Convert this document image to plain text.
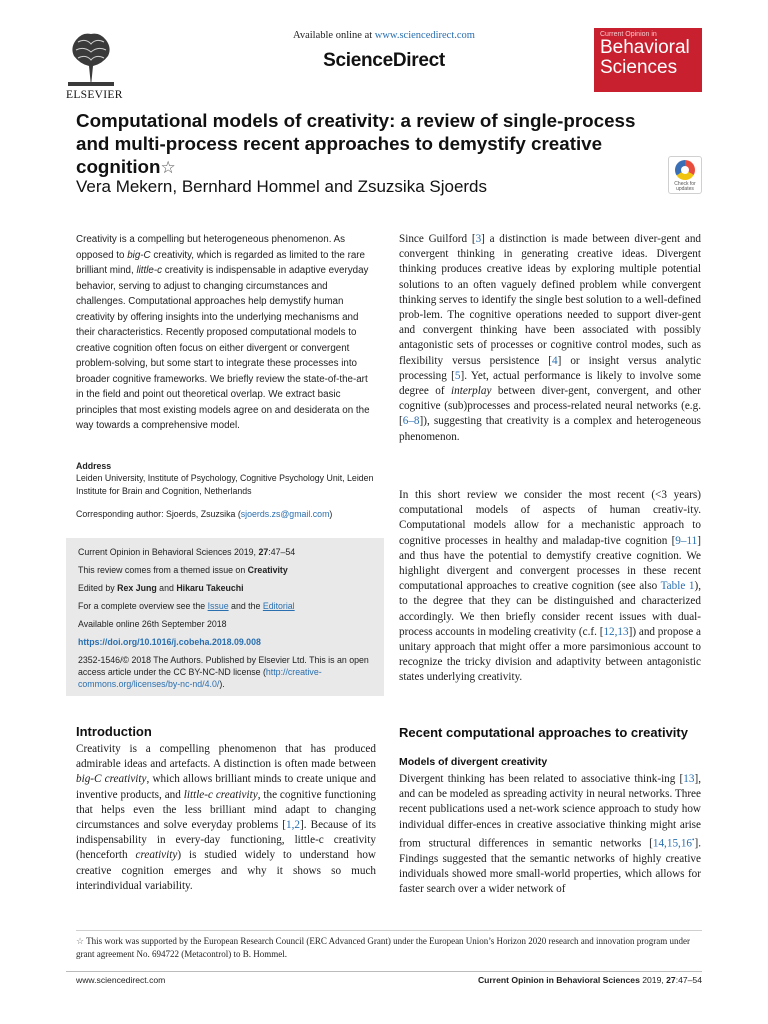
ELSEVIER
Available online at www.sciencedirect.com
ScienceDirect
Current Opinion in
Behavioral
Sciences
Computational models of creativity: a review of single-process and multi-process recent approaches to demystify creative cognition☆
Vera Mekern, Bernhard Hommel and Zsuzsika Sjoerds	Check for updates
Creativity is a compelling but heterogeneous phenomenon. As opposed to big-C creativity, which is regarded as limited to the rare brilliant mind, little-c creativity is indispensable in adaptive everyday behavior, serving to adjust to changing circumstances and challenges. Computational approaches help demystify human creativity by offering insights into the underlying mechanisms and their characteristics. Recently proposed computational models to creative cognition often focus on either divergent or convergent problem-solving, but some start to integrate these processes into broader cognitive frameworks. We briefly review the state-of-the-art in the field and point out theoretical overlap. We extract basic principles that most existing models agree on and desiderata on the way towards a comprehensive model.
Address
Leiden University, Institute of Psychology, Cognitive Psychology Unit, Leiden Institute for Brain and Cognition, Netherlands
Corresponding author: Sjoerds, Zsuzsika (sjoerds.zs@gmail.com)

Current Opinion in Behavioral Sciences 2019, 27:47–54

This review comes from a themed issue on Creativity

Edited by Rex Jung and Hikaru Takeuchi

For a complete overview see the Issue and the Editorial

Available online 26th September 2018

https://doi.org/10.1016/j.cobeha.2018.09.008

2352-1546/© 2018 The Authors. Published by Elsevier Ltd. This is an open access article under the CC BY-NC-ND license (http://creative-commons.org/licenses/by-nc-nd/4.0/).

Introduction
Creativity is a compelling phenomenon that has produced admirable ideas and artefacts. A distinction is often made between big-C creativity, which allows brilliant minds to create unique and inventive products, and little-c creativity, the cognitive functioning that helps even the less brilliant mind adapt to changing circumstances and solve everyday problems [1,2]. Because of its indispensability in every-day functioning, little-c creativity (henceforth creativity) is studied widely to understand how creative cognition emerges and why it shows so much interindividual variability.
Since Guilford [3] a distinction is made between diver-gent and convergent thinking in generating creative ideas. Divergent thinking produces creative ideas by exploring multiple potential solutions to an often vaguely defined problem while convergent thinking serves to identify the single best solution to a well-defined prob-lem. The cognitive operations needed to support diver-gent and convergent thinking have been associated with possibly antagonistic sets of processes or cognitive control modes, such as flexibility versus persistence [4] or insight versus analytic processing [5]. Yet, actual performance is likely to involve some degree of interplay between diver-gent, convergent, and other cognitive (sub)processes and process-related neural networks (e.g. [6–8]), suggesting that creativity is a complex and heterogeneous phenomenon.
In this short review we consider the most recent (<3 years) computational models of aspects of human creativ-ity. Computational models allow for a mechanistic approach to cognitive processes in healthy and maladap-tive cognition [9–11] and thus have the potential to demystify creative cognition. We highlight divergent and convergent processes in these recent computational approaches to creative cognition (see also Table 1), to the degree that they can be distinguished and characterized accordingly. We then briefly consider recent issues with dual-process accounts in modeling creativity (c.f. [12,13]) and propose a unitary approach that might offer a more parsimonious account to recognize the tricky division and adaptivity between antagonistic states underlying creativity.
Recent computational approaches to creativity
Models of divergent creativity
Divergent thinking has been related to associative think-ing [13], and can be modeled as spreading activity in neural networks. Three recent publications used a net-work science approach to study how individual differ-ences in creative associative thinking might arise from structural differences in semantic networks [14,15,16•]. Findings suggested that the semantic networks of highly creative individuals showed more small-world properties, which allows for faster search over a wider network of
☆ This work was supported by the European Research Council (ERC Advanced Grant) under the European Union’s Horizon 2020 research and innovation program under grant agreement No. 694722 (Metacontrol) to B. Hommel.
www.sciencedirect.com	Current Opinion in Behavioral Sciences 2019, 27:47–54
